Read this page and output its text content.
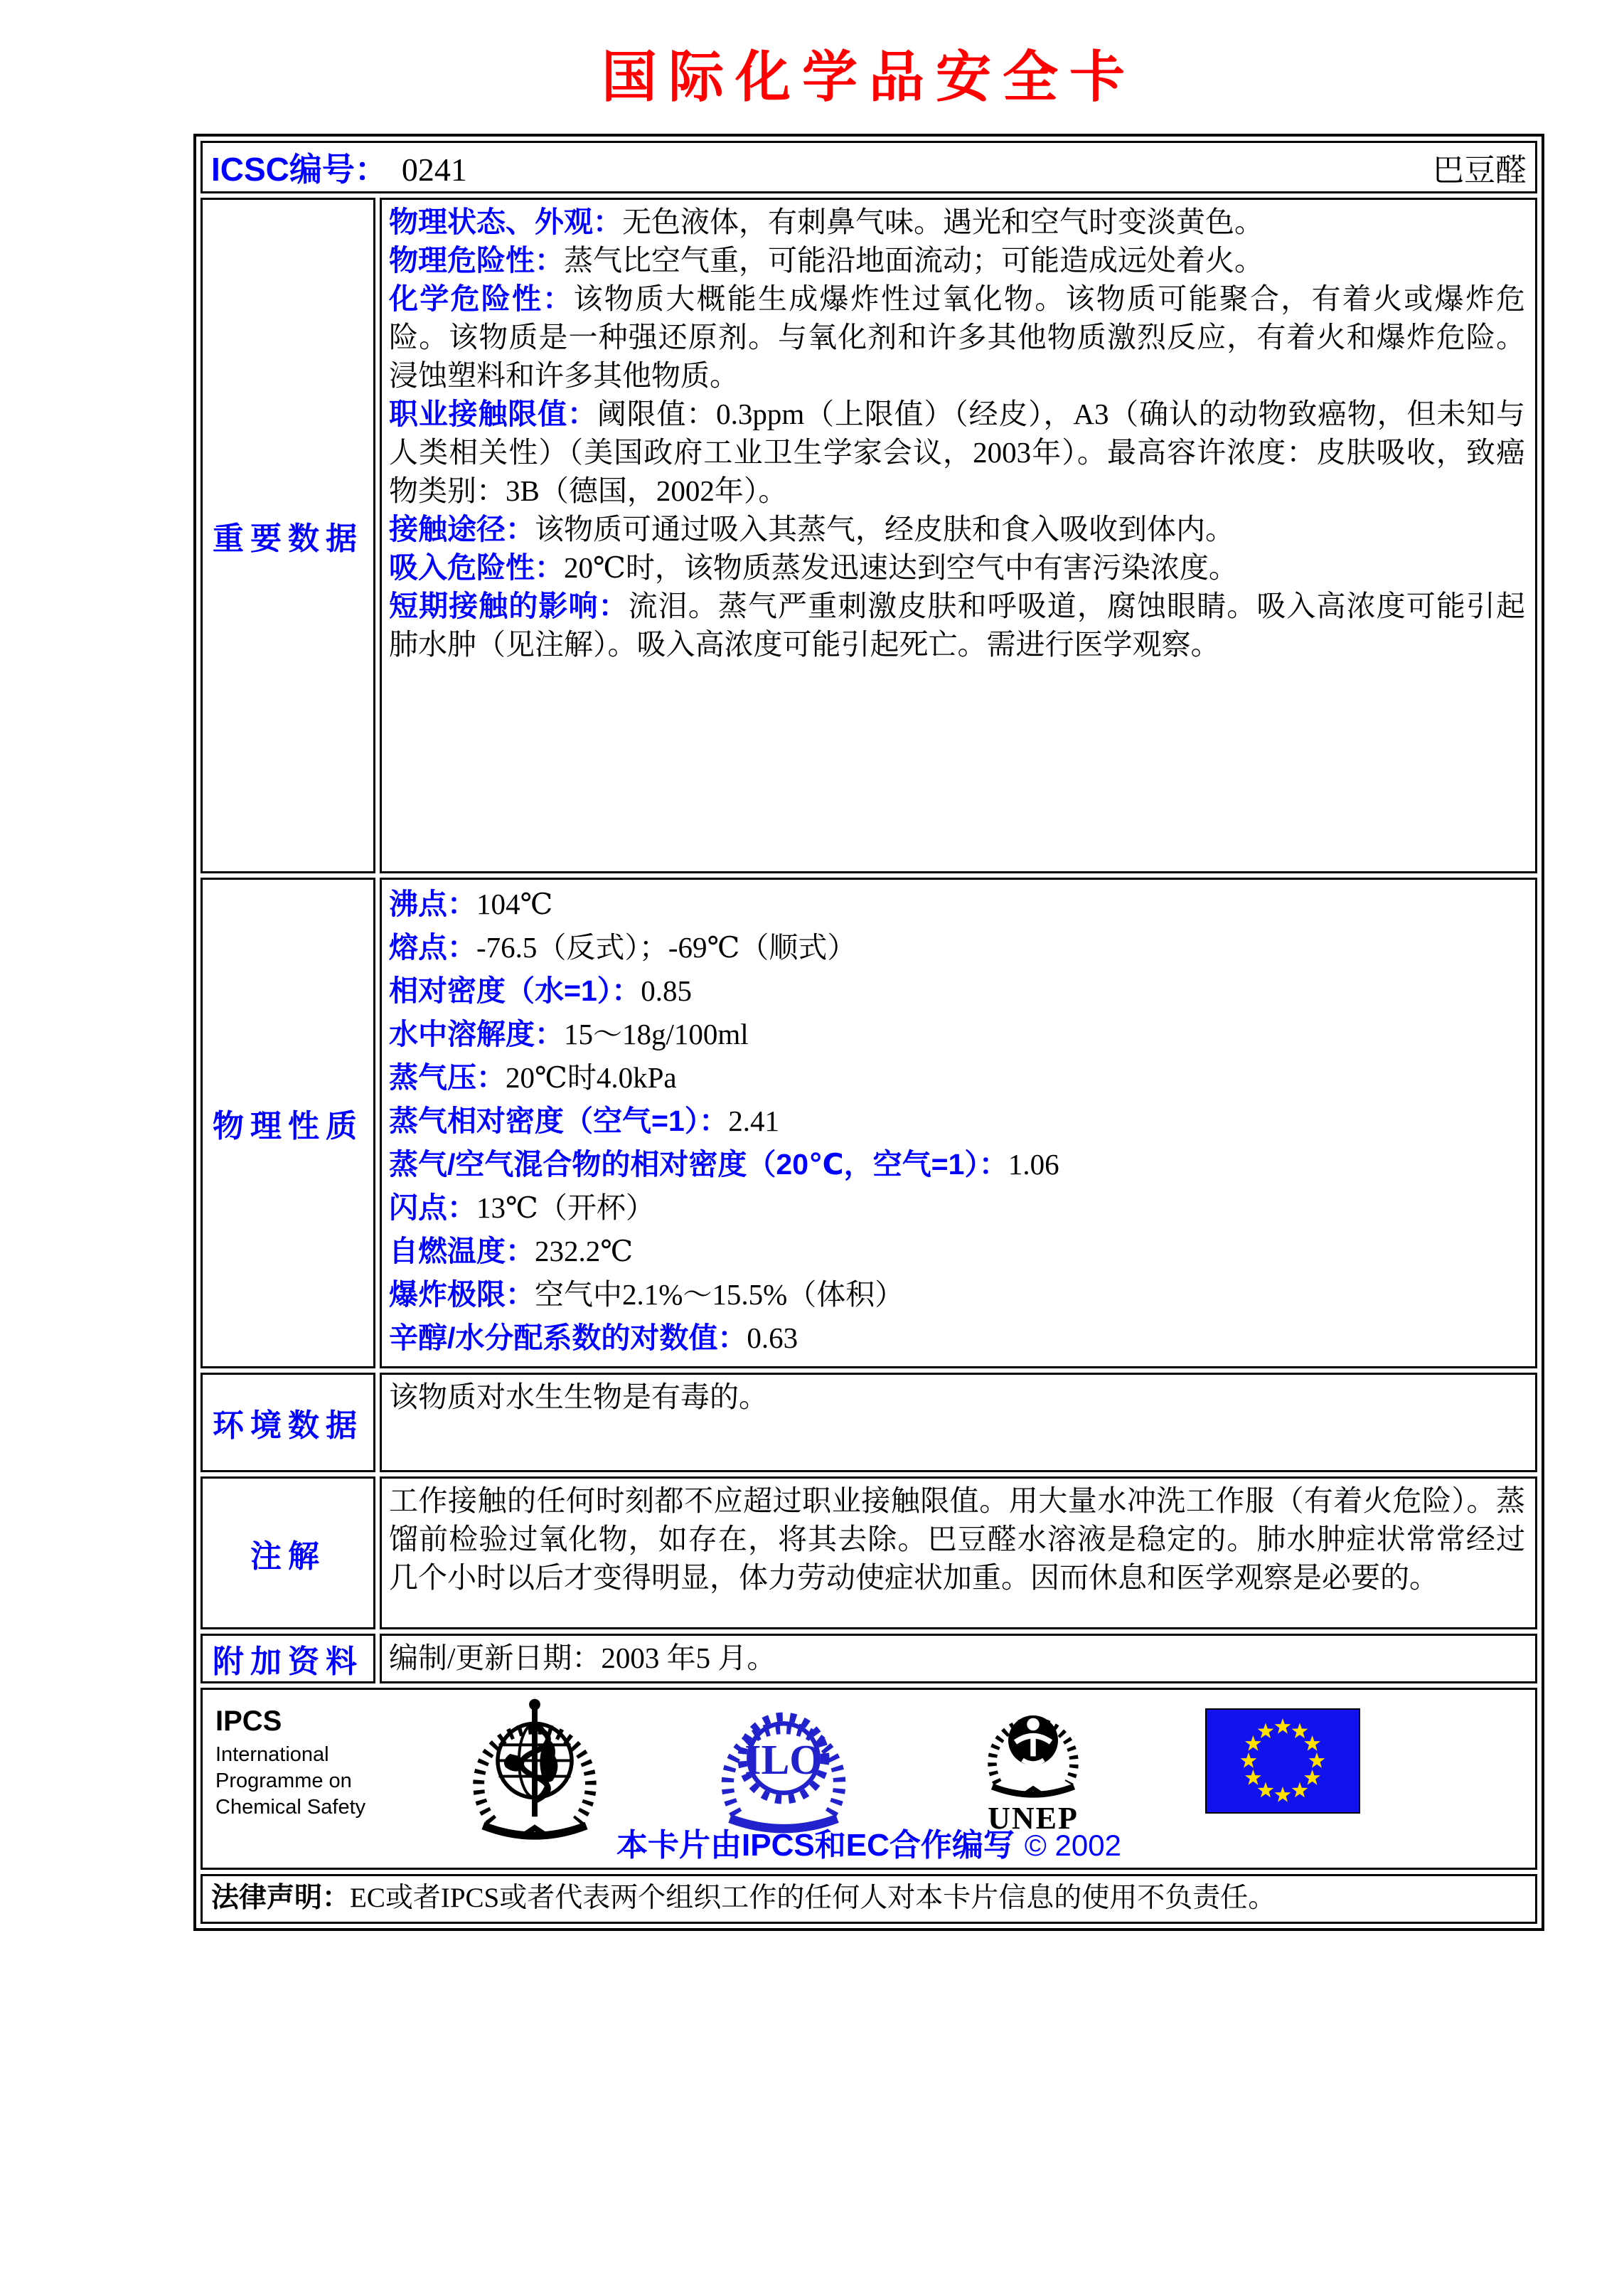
国际化学品安全卡
ICSC编号： 0241	巴豆醛
重要数据

物理状态、外观：无色液体，有刺鼻气味。遇光和空气时变淡黄色。

物理危险性：蒸气比空气重，可能沿地面流动；可能造成远处着火。

化学危险性：该物质大概能生成爆炸性过氧化物。该物质可能聚合，有着火或爆炸危险。该物质是一种强还原剂。与氧化剂和许多其他物质激烈反应，有着火和爆炸危险。浸蚀塑料和许多其他物质。

职业接触限值：阈限值：0.3ppm（上限值）（经皮），A3（确认的动物致癌物，但未知与人类相关性）（美国政府工业卫生学家会议，2003年）。最高容许浓度：皮肤吸收，致癌物类别：3B（德国，2002年）。

接触途径：该物质可通过吸入其蒸气，经皮肤和食入吸收到体内。

吸入危险性：20℃时，该物质蒸发迅速达到空气中有害污染浓度。

短期接触的影响：流泪。蒸气严重刺激皮肤和呼吸道，腐蚀眼睛。吸入高浓度可能引起肺水肿（见注解）。吸入高浓度可能引起死亡。需进行医学观察。

物理性质

沸点：104℃

熔点：-76.5（反式）；-69℃（顺式）

相对密度（水=1）：0.85

水中溶解度：15～18g/100ml

蒸气压：20℃时4.0kPa

蒸气相对密度（空气=1）：2.41

蒸气/空气混合物的相对密度（20℃，空气=1）：1.06

闪点：13℃（开杯）

自燃温度：232.2℃

爆炸极限：空气中2.1%～15.5%（体积）

辛醇/水分配系数的对数值：0.63

环境数据

该物质对水生生物是有毒的。

注解

工作接触的任何时刻都不应超过职业接触限值。用大量水冲洗工作服（有着火危险）。蒸馏前检验过氧化物，如存在，将其去除。巴豆醛水溶液是稳定的。肺水肿症状常常经过几个小时以后才变得明显，体力劳动使症状加重。因而休息和医学观察是必要的。

附加资料 编制/更新日期：2003 年5 月。

IPCS
International
Programme on
Chemical Safety
ILO
UNEP
本卡片由IPCS和EC合作编写 © 2002
法律声明：EC或者IPCS或者代表两个组织工作的任何人对本卡片信息的使用不负责任。
